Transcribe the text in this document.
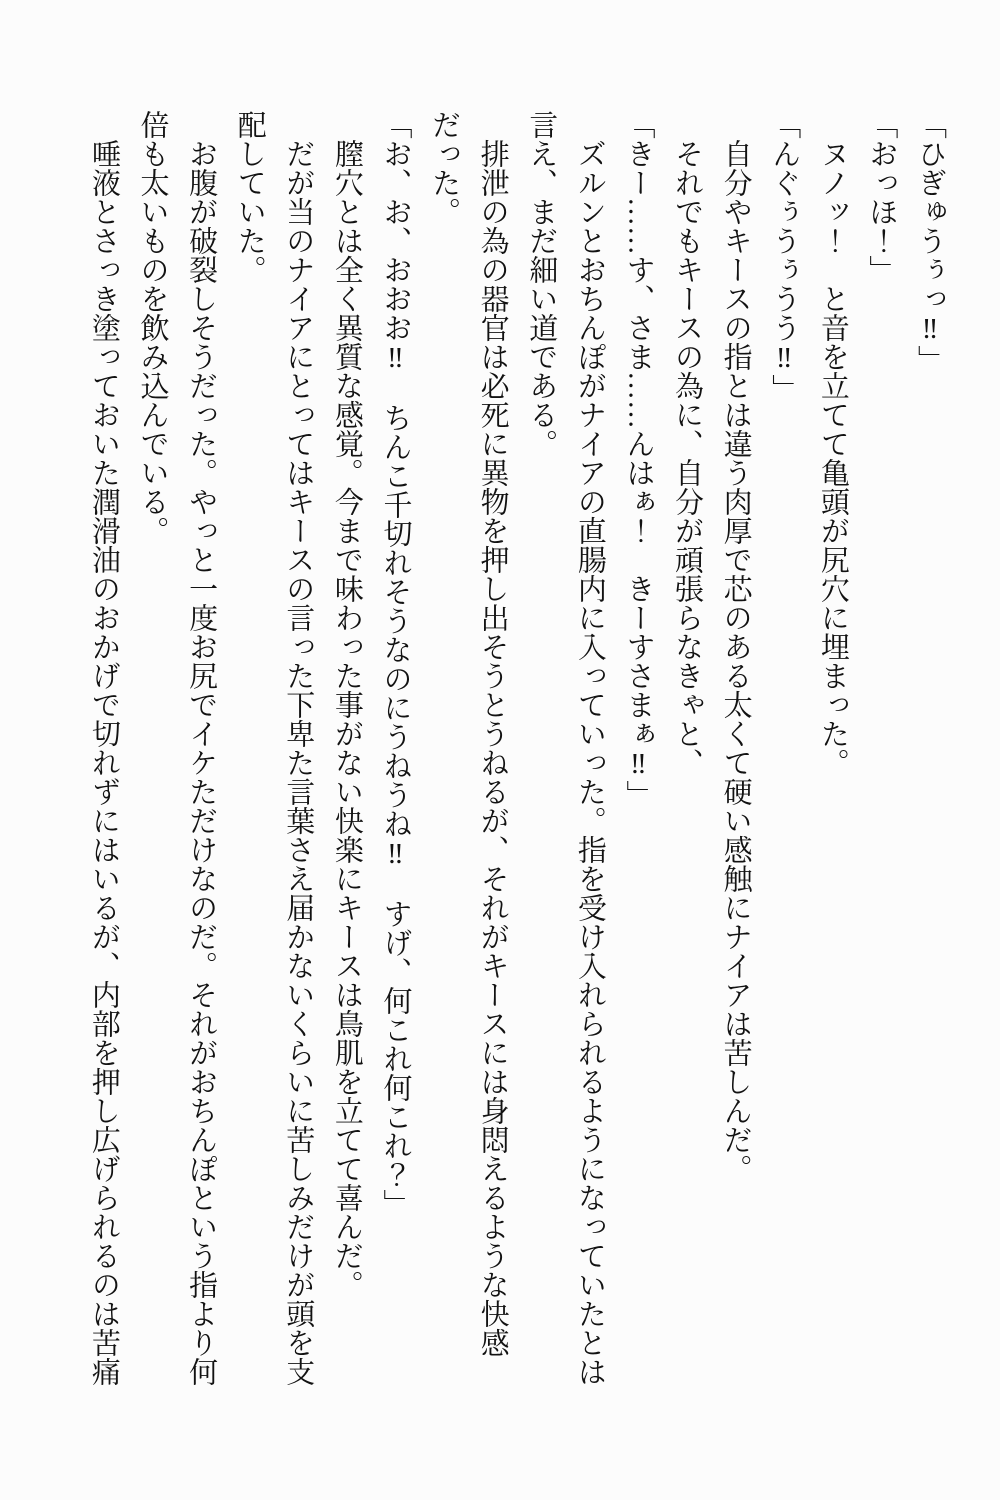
「ひぎゅうぅっ‼」

「おっほ！」

　ヌノッ！　と音を立てて亀頭が尻穴に埋まった。

「んぐぅうぅうう‼」

　自分やキースの指とは違う肉厚で芯のある太くて硬い感触にナイアは苦しんだ。

　それでもキースの為に、自分が頑張らなきゃと、

「きー……す、さま……んはぁ！　きーすさまぁ‼」

　ズルンとおちんぽがナイアの直腸内に入っていった。指を受け入れられるようになっていたとは言え、まだ細い道である。

　排泄の為の器官は必死に異物を押し出そうとうねるが、それがキースには身悶えるような快感だった。

「お、お、おおお‼　ちんこ千切れそうなのにうねうね‼　すげ、何これ何これ？」

　膣穴とは全く異質な感覚。今まで味わった事がない快楽にキースは鳥肌を立てて喜んだ。

　だが当のナイアにとってはキースの言った下卑た言葉さえ届かないくらいに苦しみだけが頭を支配していた。

　お腹が破裂しそうだった。やっと一度お尻でイケただけなのだ。それがおちんぽという指より何倍も太いものを飲み込んでいる。

　唾液とさっき塗っておいた潤滑油のおかげで切れずにはいるが、内部を押し広げられるのは苦痛
